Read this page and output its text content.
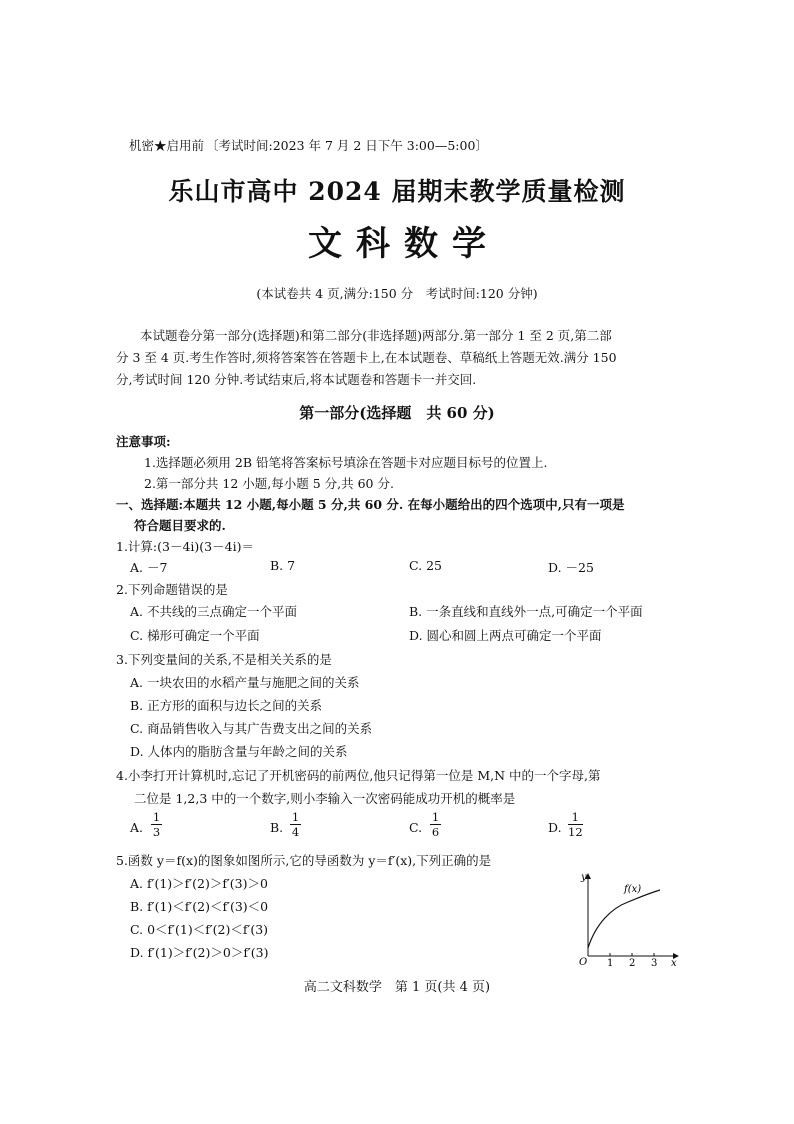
机密★启用前 〔考试时间:2023 年 7 月 2 日下午 3:00—5:00〕
乐山市高中 2024 届期末教学质量检测
文科数学
(本试卷共 4 页,满分:150 分　考试时间:120 分钟)
本试题卷分第一部分(选择题)和第二部分(非选择题)两部分.第一部分 1 至 2 页,第二部
分 3 至 4 页.考生作答时,须将答案答在答题卡上,在本试题卷、草稿纸上答题无效.满分 150
分,考试时间 120 分钟.考试结束后,将本试题卷和答题卡一并交回.
第一部分(选择题　共 60 分)
注意事项:
1.选择题必须用 2B 铅笔将答案标号填涂在答题卡对应题目标号的位置上.
2.第一部分共 12 小题,每小题 5 分,共 60 分.
一、选择题:本题共 12 小题,每小题 5 分,共 60 分. 在每小题给出的四个选项中,只有一项是
符合题目要求的.
1.计算:(3－4i)(3－4i)＝
A. －7	B. 7	C. 25	D. －25
2.下列命题错误的是
A. 不共线的三点确定一个平面	B. 一条直线和直线外一点,可确定一个平面
C. 梯形可确定一个平面	D. 圆心和圆上两点可确定一个平面
3.下列变量间的关系,不是相关关系的是
A. 一块农田的水稻产量与施肥之间的关系
B. 正方形的面积与边长之间的关系
C. 商品销售收入与其广告费支出之间的关系
D. 人体内的脂肪含量与年龄之间的关系
4.小李打开计算机时,忘记了开机密码的前两位,他只记得第一位是 M,N 中的一个字母,第
二位是 1,2,3 中的一个数字,则小李输入一次密码能成功开机的概率是
A.
1
3	B.
1
4	C.
1
6	D.
1
12
5.函数 y＝f(x)的图象如图所示,它的导函数为 y＝f′(x),下列正确的是
A. f′(1)＞f′(2)＞f′(3)＞0
B. f′(1)＜f′(2)＜f′(3)＜0
C. 0＜f′(1)＜f′(2)＜f′(3)
D. f′(1)＞f′(2)＞0＞f′(3)
y
x
O 1 2 3
f(x)
高二文科数学　第 1 页(共 4 页)
